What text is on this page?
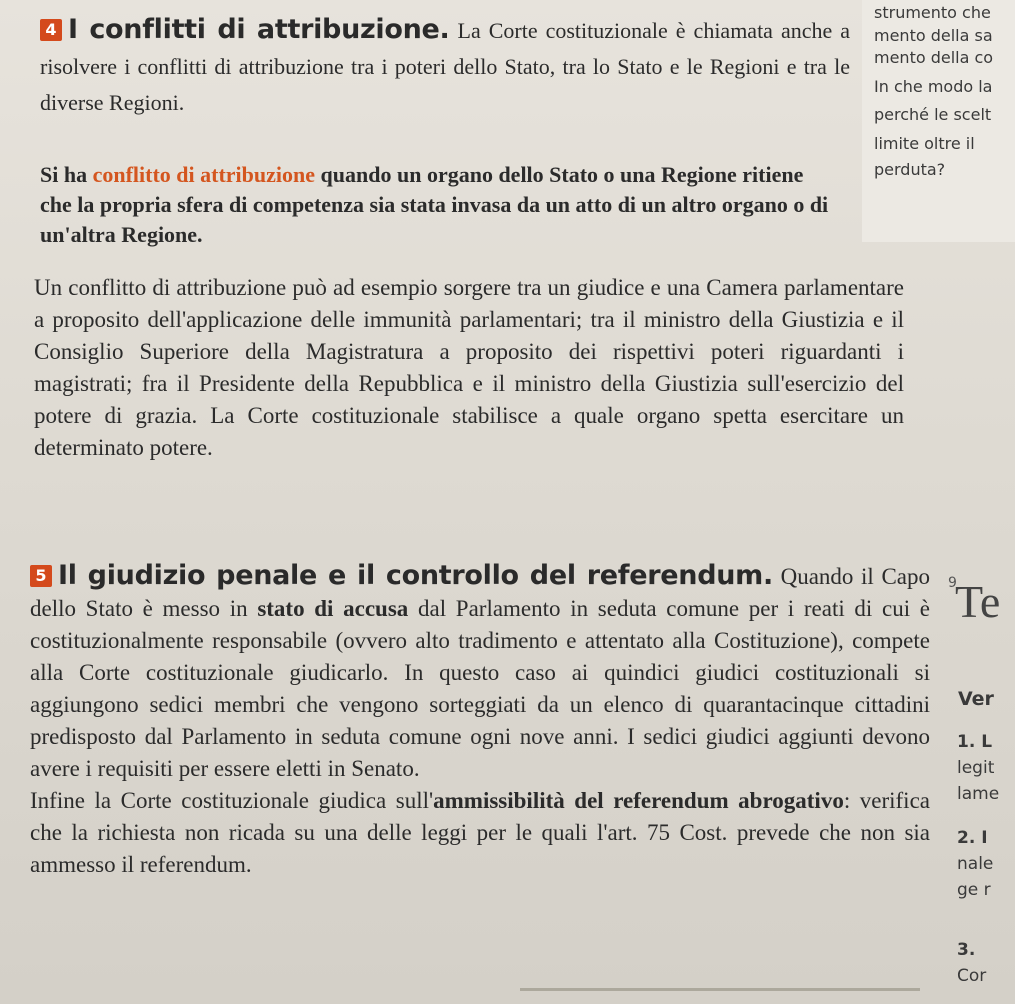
strumento che
mento della sa
mento della co
In che modo la
perché le scelt
limite oltre il
perduta?
4 I conflitti di attribuzione. La Corte costituzionale è chiamata anche a risolvere i conflitti di attribuzione tra i poteri dello Stato, tra lo Stato e le Regioni e tra le diverse Regioni.
Si ha conflitto di attribuzione quando un organo dello Stato o una Regione ritiene che la propria sfera di competenza sia stata invasa da un atto di un altro organo o di un'altra Regione.
Un conflitto di attribuzione può ad esempio sorgere tra un giudice e una Camera parlamentare a proposito dell'applicazione delle immunità parlamentari; tra il ministro della Giustizia e il Consiglio Superiore della Magistratura a proposito dei rispettivi poteri riguardanti i magistrati; fra il Presidente della Repubblica e il ministro della Giustizia sull'esercizio del potere di grazia. La Corte costituzionale stabilisce a quale organo spetta esercitare un determinato potere.
5 Il giudizio penale e il controllo del referendum. Quando il Capo dello Stato è messo in stato di accusa dal Parlamento in seduta comune per i reati di cui è costituzionalmente responsabile (ovvero alto tradimento e attentato alla Costituzione), compete alla Corte costituzionale giudicarlo. In questo caso ai quindici giudici costituzionali si aggiungono sedici membri che vengono sorteggiati da un elenco di quarantacinque cittadini predisposto dal Parlamento in seduta comune ogni nove anni. I sedici giudici aggiunti devono avere i requisiti per essere eletti in Senato.
Infine la Corte costituzionale giudica sull'ammissibilità del referendum abrogativo: verifica che la richiesta non ricada su una delle leggi per le quali l'art. 75 Cost. prevede che non sia ammesso il referendum.
9
Te
Ver
1. L
legit
lame
2. I
nale
ge r
3.
Cor
